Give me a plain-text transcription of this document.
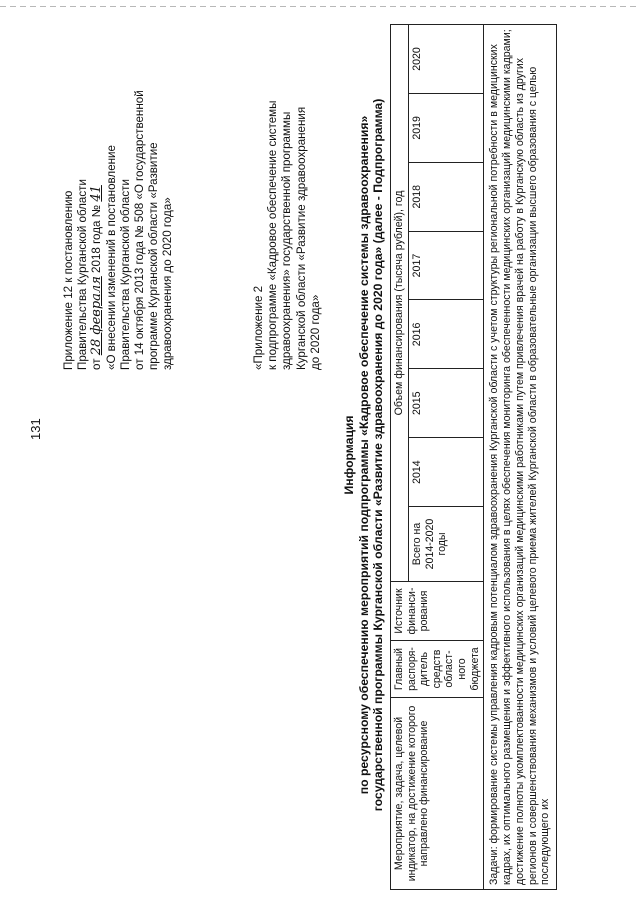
131
Приложение 12 к постановлению Правительства Курганской области от 28 февраля 2018 года № 41 «О внесении изменений в постановление Правительства Курганской области от 14 октября 2013 года № 508 «О государственной программе Курганской области «Развитие здравоохранения до 2020 года»	«Приложение 2 к подпрограмме «Кадровое обеспечение системы здравоохранения» государственной программы Курганской области «Развитие здравоохранения до 2020 года»
Информация по ресурсному обеспечению мероприятий подпрограммы «Кадровое обеспечение системы здравоохранения» государственной программы Курганской области «Развитие здравоохранения до 2020 года» (далее - Подпрограмма) Мероприятие, задача, целевой индикатор, на достижение которого направлено финансирование	Главный распоря-дитель средств област-ного бюджета	Источник финанси-рования	Объем финансирования (тысяча рублей), год							
			Всего на 2014-2020 годы	2014	2015	2016	2017	2018	2019	2020
Задачи: формирование системы управления кадровым потенциалом здравоохранения Курганской области с учетом структуры региональной потребности в медицинских кадрах, их оптимального размещения и эффективного использования в целях обеспечения мониторинга обеспеченности медицинских организаций медицинскими кадрами; достижение полноты укомплектованности медицинских организаций медицинскими работниками путем привлечения врачей на работу в Курганскую область из других регионов и совершенствования механизмов и условий целевого приема жителей Курганской области в образовательные организации высшего образования с целью последующего их										
